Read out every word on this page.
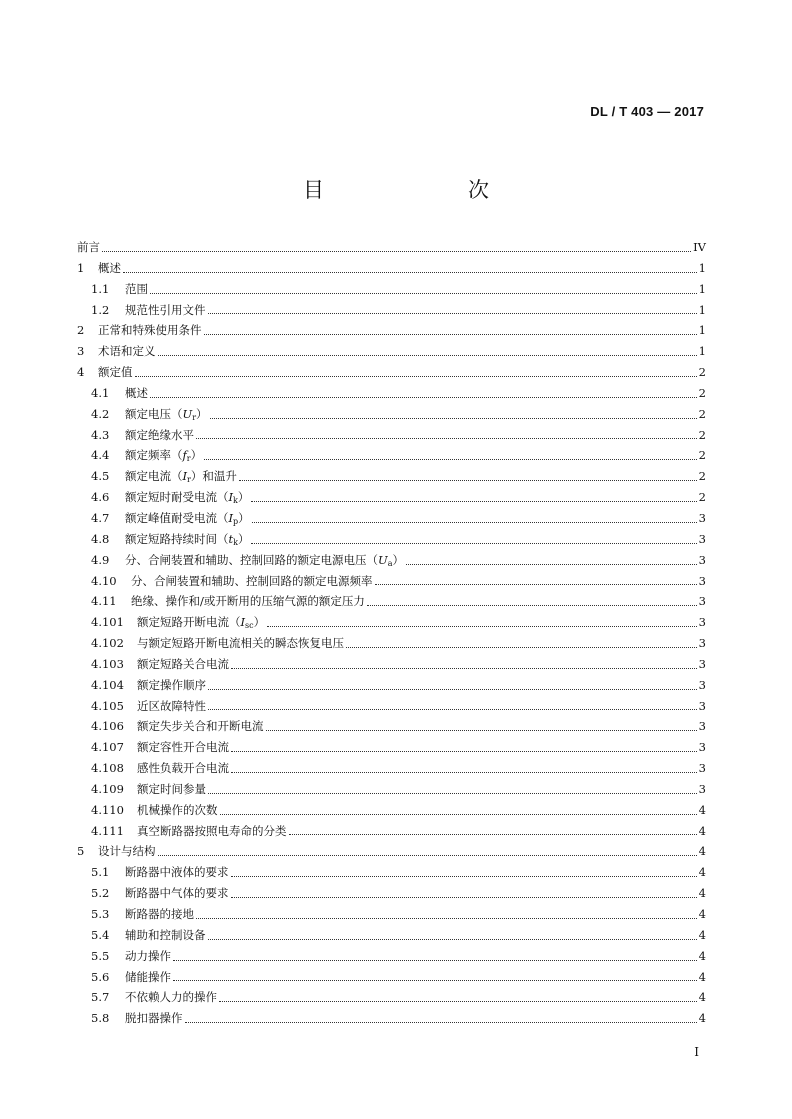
DL / T 403 — 2017
目　　次
前言	IV
1	概述	1
1.1	范围	1
1.2	规范性引用文件	1
2	正常和特殊使用条件	1
3	术语和定义	1
4	额定值	2
4.1	概述	2
4.2	额定电压$(U_r)$	2
4.3	额定绝缘水平	2
4.4	额定频率$(f_r)$	2
4.5	额定电流$(I_r)$和温升	2
4.6	额定短时耐受电流$(I_k)$	2
4.7	额定峰值耐受电流$(I_p)$	3
4.8	额定短路持续时间$(t_k)$	3
4.9	分、合闸装置和辅助、控制回路的额定电源电压$(U_a)$	3
4.10	分、合闸装置和辅助、控制回路的额定电源频率	3
4.11	绝缘、操作和/或开断用的压缩气源的额定压力	3
4.101	额定短路开断电流$(I_{sc})$	3
4.102	与额定短路开断电流相关的瞬态恢复电压	3
4.103	额定短路关合电流	3
4.104	额定操作顺序	3
4.105	近区故障特性	3
4.106	额定失步关合和开断电流	3
4.107	额定容性开合电流	3
4.108	感性负载开合电流	3
4.109	额定时间参量	3
4.110	机械操作的次数	4
4.111	真空断路器按照电寿命的分类	4
5	设计与结构	4
5.1	断路器中液体的要求	4
5.2	断路器中气体的要求	4
5.3	断路器的接地	4
5.4	辅助和控制设备	4
5.5	动力操作	4
5.6	储能操作	4
5.7	不依赖人力的操作	4
5.8	脱扣器操作	4
I
